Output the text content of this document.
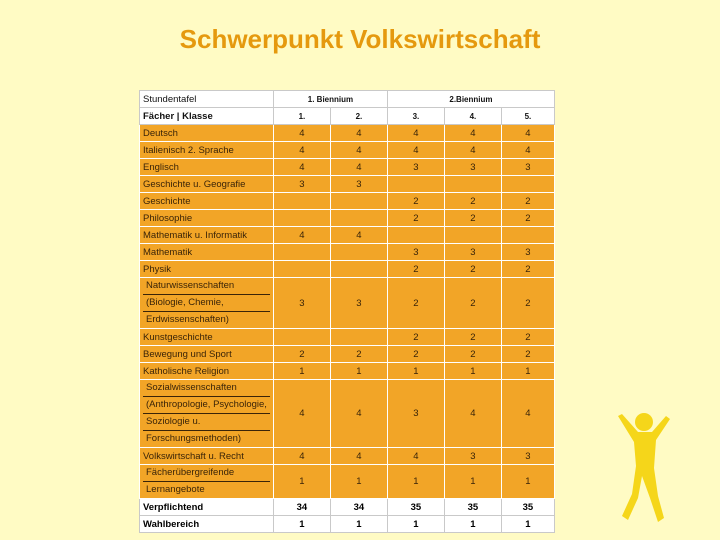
Schwerpunkt Volkswirtschaft
Stundentafel	1. Biennium		2.Biennium		
Fächer | Klasse	1.	2.	3.	4.	5.
Deutsch	4	4	4	4	4
Italienisch 2. Sprache	4	4	4	4	4
Englisch	4	4	3	3	3
Geschichte u. Geografie	3	3			
Geschichte			2	2	2
Philosophie			2	2	2
Mathematik u. Informatik	4	4			
Mathematik			3	3	3
Physik			2	2	2

Naturwissenschaften
(Biologie, Chemie,
Erdwissenschaften)	3	3	2	2	2
Kunstgeschichte			2	2	2
Bewegung und Sport	2	2	2	2	2
Katholische Religion	1	1	1	1	1

Sozialwissenschaften
(Anthropologie, Psychologie,
Soziologie u.
Forschungsmethoden)	4	4	3	4	4
Volkswirtschaft u. Recht	4	4	4	3	3

Fächerübergreifende
Lernangebote	1	1	1	1	1
Verpflichtend	34	34	35	35	35
Wahlbereich	1	1	1	1	1
